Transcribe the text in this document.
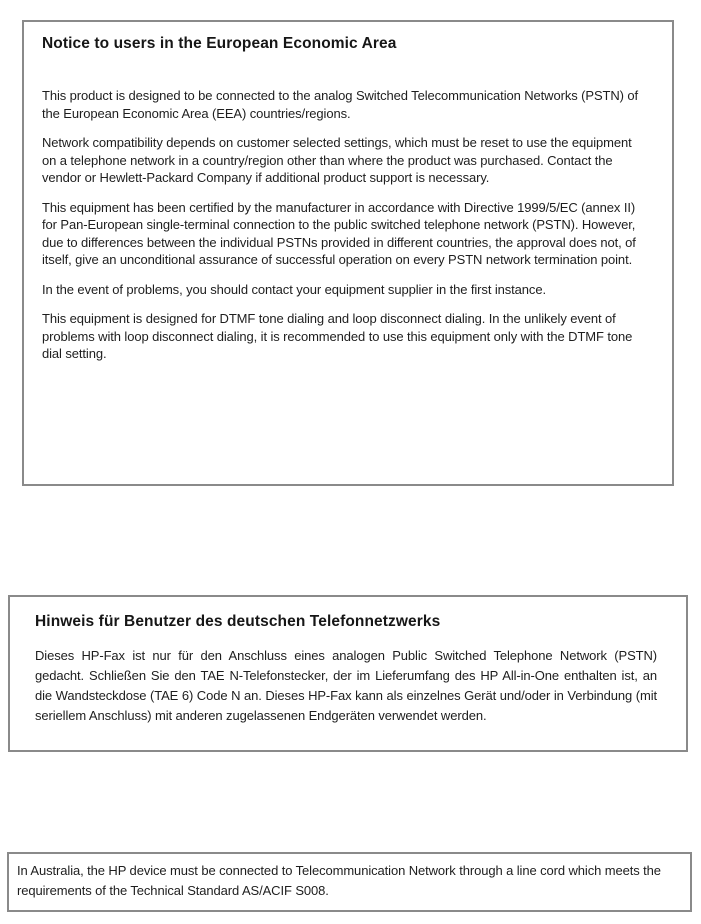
Notice to users in the European Economic Area

This product is designed to be connected to the analog Switched Telecommunication Networks (PSTN) of the European Economic Area (EEA) countries/regions.

Network compatibility depends on customer selected settings, which must be reset to use the equipment on a telephone network in a country/region other than where the product was purchased. Contact the vendor or Hewlett-Packard Company if additional product support is necessary.

This equipment has been certified by the manufacturer in accordance with Directive 1999/5/EC (annex II) for Pan-European single-terminal connection to the public switched telephone network (PSTN). However, due to differences between the individual PSTNs provided in different countries, the approval does not, of itself, give an unconditional assurance of successful operation on every PSTN network termination point.

In the event of problems, you should contact your equipment supplier in the first instance.

This equipment is designed for DTMF tone dialing and loop disconnect dialing. In the unlikely event of problems with loop disconnect dialing, it is recommended to use this equipment only with the DTMF tone dial setting.

Hinweis für Benutzer des deutschen Telefonnetzwerks

Dieses HP-Fax ist nur für den Anschluss eines analogen Public Switched Telephone Network (PSTN) gedacht. Schließen Sie den TAE N-Telefonstecker, der im Lieferumfang des HP All-in-One enthalten ist, an die Wandsteckdose (TAE 6) Code N an. Dieses HP-Fax kann als einzelnes Gerät und/oder in Verbindung (mit seriellem Anschluss) mit anderen zugelassenen Endgeräten verwendet werden.

In Australia, the HP device must be connected to Telecommunication Network through a line cord which meets the requirements of the Technical Standard AS/ACIF S008.
